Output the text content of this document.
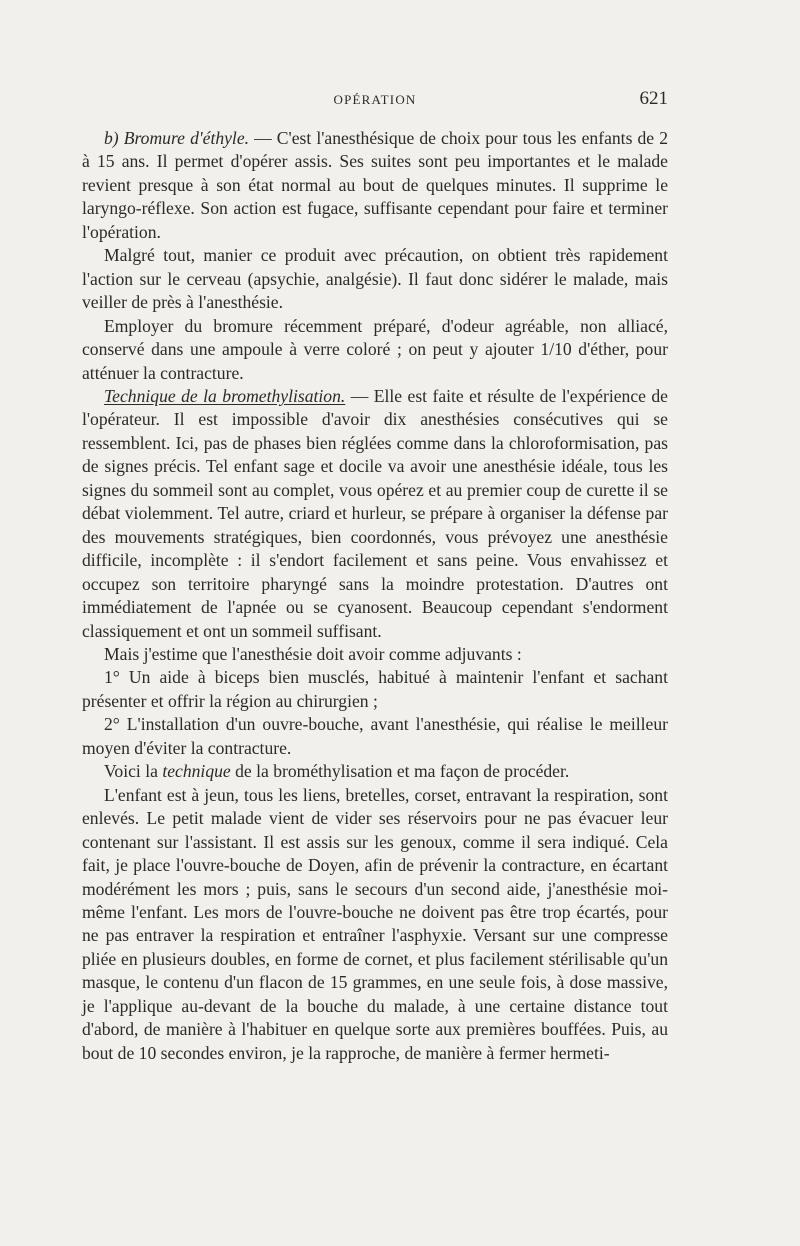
OPÉRATION	621

b) Bromure d'éthyle. — C'est l'anesthésique de choix pour tous les enfants de 2 à 15 ans. Il permet d'opérer assis. Ses suites sont peu importantes et le malade revient presque à son état normal au bout de quelques minutes. Il supprime le laryngo-réflexe. Son action est fugace, suffisante cependant pour faire et terminer l'opération.

Malgré tout, manier ce produit avec précaution, on obtient très rapidement l'action sur le cerveau (apsychie, analgésie). Il faut donc sidérer le malade, mais veiller de près à l'anesthésie.

Employer du bromure récemment préparé, d'odeur agréable, non alliacé, conservé dans une ampoule à verre coloré ; on peut y ajouter 1/10 d'éther, pour atténuer la contracture.

Technique de la bromethylisation. — Elle est faite et résulte de l'expérience de l'opérateur. Il est impossible d'avoir dix anesthésies consécutives qui se ressemblent. Ici, pas de phases bien réglées comme dans la chloroformisation, pas de signes précis. Tel enfant sage et docile va avoir une anesthésie idéale, tous les signes du sommeil sont au complet, vous opérez et au premier coup de curette il se débat violemment. Tel autre, criard et hurleur, se prépare à organiser la défense par des mouvements stratégiques, bien coordonnés, vous prévoyez une anesthésie difficile, incomplète : il s'endort facilement et sans peine. Vous envahissez et occupez son territoire pharyngé sans la moindre protestation. D'autres ont immédiatement de l'apnée ou se cyanosent. Beaucoup cependant s'endorment classiquement et ont un sommeil suffisant.

Mais j'estime que l'anesthésie doit avoir comme adjuvants :

1° Un aide à biceps bien musclés, habitué à maintenir l'enfant et sachant présenter et offrir la région au chirurgien ;

2° L'installation d'un ouvre-bouche, avant l'anesthésie, qui réalise le meilleur moyen d'éviter la contracture.

Voici la technique de la brométhylisation et ma façon de procéder.

L'enfant est à jeun, tous les liens, bretelles, corset, entravant la respiration, sont enlevés. Le petit malade vient de vider ses réservoirs pour ne pas évacuer leur contenant sur l'assistant. Il est assis sur les genoux, comme il sera indiqué. Cela fait, je place l'ouvre-bouche de Doyen, afin de prévenir la contracture, en écartant modérément les mors ; puis, sans le secours d'un second aide, j'anesthésie moi-même l'enfant. Les mors de l'ouvre-bouche ne doivent pas être trop écartés, pour ne pas entraver la respiration et entraîner l'asphyxie. Versant sur une compresse pliée en plusieurs doubles, en forme de cornet, et plus facilement stérilisable qu'un masque, le contenu d'un flacon de 15 grammes, en une seule fois, à dose massive, je l'applique au-devant de la bouche du malade, à une certaine distance tout d'abord, de manière à l'habituer en quelque sorte aux premières bouffées. Puis, au bout de 10 secondes environ, je la rapproche, de manière à fermer hermeti-
